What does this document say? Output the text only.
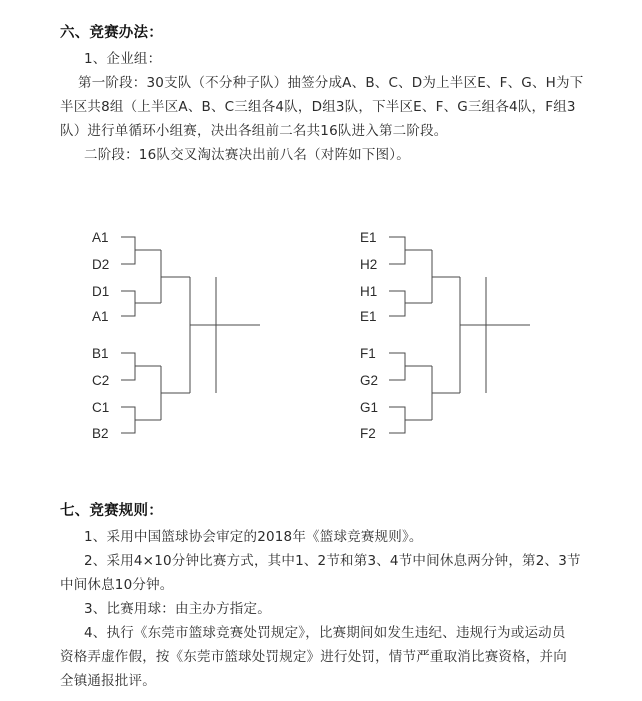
六、竞赛办法：
1、企业组：
第一阶段：30支队（不分种子队）抽签分成A、B、C、D为上半区E、F、G、H为下
半区共8组（上半区A、B、C三组各4队，D组3队，下半区E、F、G三组各4队，F组3
队）进行单循环小组赛，决出各组前二名共16队进入第二阶段。
二阶段：16队交叉淘汰赛决出前八名（对阵如下图）。
A1
D2
D1
A1
B1
C2
C1
B2
E1
H2
H1
E1
F1
G2
G1
F2
七、竞赛规则：
1、采用中国篮球协会审定的2018年《篮球竞赛规则》。
2、采用4×10分钟比赛方式，其中1、2节和第3、4节中间休息两分钟，第2、3节
中间休息10分钟。
3、比赛用球：由主办方指定。
4、执行《东莞市篮球竞赛处罚规定》，比赛期间如发生违纪、违规行为或运动员
资格弄虚作假，按《东莞市篮球处罚规定》进行处罚，情节严重取消比赛资格，并向
全镇通报批评。
